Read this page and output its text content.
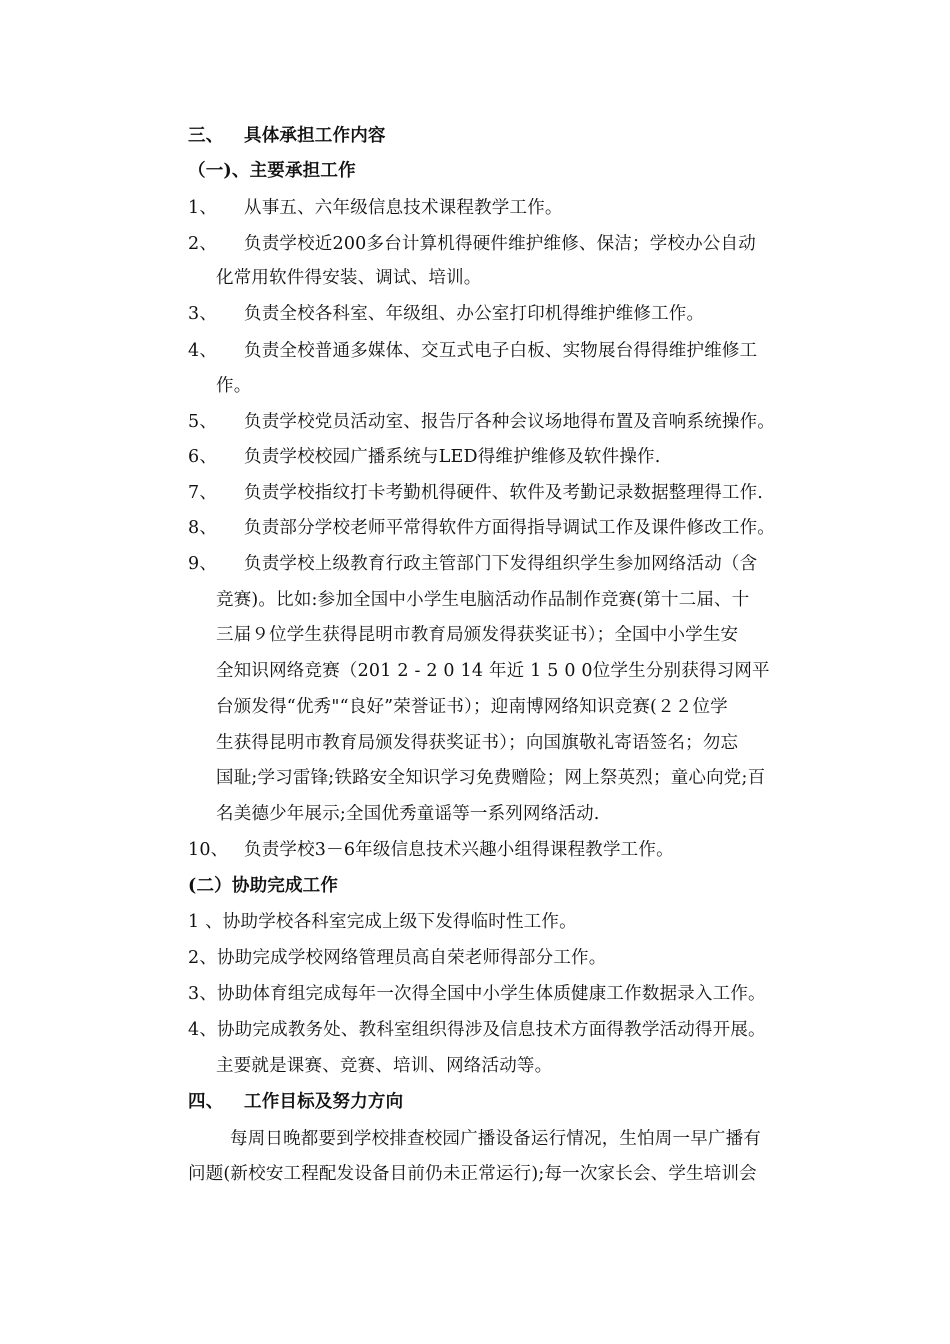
三、 具体承担工作内容
（一)、主要承担工作
1、 从事五、六年级信息技术课程教学工作。
2、 负责学校近200多台计算机得硬件维护维修、保洁；学校办公自动
化常用软件得安装、调试、培训。
3、 负责全校各科室、年级组、办公室打印机得维护维修工作。
4、 负责全校普通多媒体、交互式电子白板、实物展台得得维护维修工
作。
5、 负责学校党员活动室、报告厅各种会议场地得布置及音响系统操作。
6、 负责学校校园广播系统与LED得维护维修及软件操作.
7、 负责学校指纹打卡考勤机得硬件、软件及考勤记录数据整理得工作.
8、 负责部分学校老师平常得软件方面得指导调试工作及课件修改工作。
9、 负责学校上级教育行政主管部门下发得组织学生参加网络活动（含
竞赛)。比如:参加全国中小学生电脑活动作品制作竞赛(第十二届、十
三届９位学生获得昆明市教育局颁发得获奖证书）；全国中小学生安
全知识网络竞赛（201 2 - 2 0 14 年近 1 5 0 0位学生分别获得习网平
台颁发得“优秀"“良好”荣誉证书）；迎南博网络知识竞赛(２２位学
生获得昆明市教育局颁发得获奖证书）；向国旗敬礼寄语签名；勿忘
国耻;学习雷锋;铁路安全知识学习免费赠险；网上祭英烈；童心向党;百
名美德少年展示;全国优秀童谣等一系列网络活动.
10、 负责学校3－6年级信息技术兴趣小组得课程教学工作。
(二）协助完成工作
1 、协助学校各科室完成上级下发得临时性工作。
2、协助完成学校网络管理员高自荣老师得部分工作。
3、协助体育组完成每年一次得全国中小学生体质健康工作数据录入工作。
4、协助完成教务处、教科室组织得涉及信息技术方面得教学活动得开展。
主要就是课赛、竞赛、培训、网络活动等。
四、 工作目标及努力方向
每周日晚都要到学校排查校园广播设备运行情况，生怕周一早广播有
问题(新校安工程配发设备目前仍未正常运行);每一次家长会、学生培训会
